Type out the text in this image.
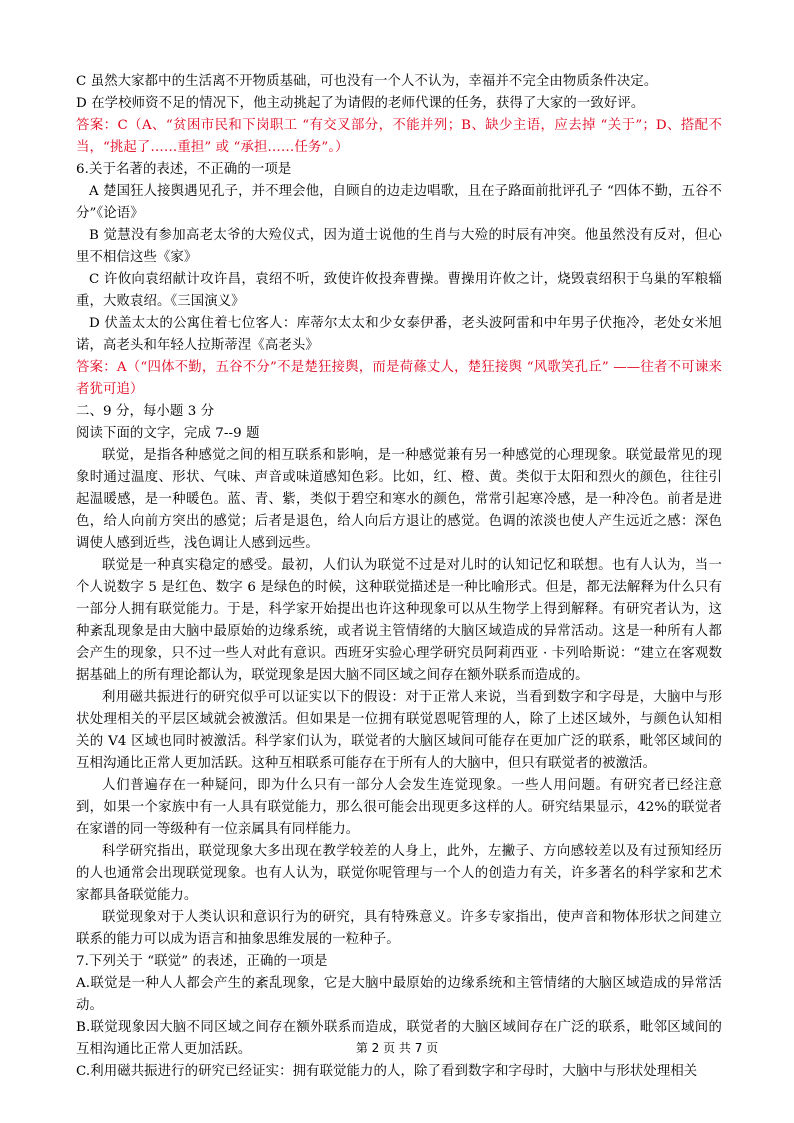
C 虽然大家都中的生活离不开物质基础，可也没有一个人不认为，幸福并不完全由物质条件决定。

D 在学校师资不足的情况下，他主动挑起了为请假的老师代课的任务，获得了大家的一致好评。

答案：C（A、“贫困市民和下岗职工 “有交叉部分，不能并列；B、缺少主语，应去掉 “关于”；D、搭配不当，“挑起了……重担” 或 “承担……任务”。）

6.关于名著的表述，不正确的一项是

A 楚国狂人接舆遇见孔子，并不理会他，自顾自的边走边唱歌，且在子路面前批评孔子 “四体不勤，五谷不分”《论语》

B 觉慧没有参加高老太爷的大殓仪式，因为道士说他的生肖与大殓的时辰有冲突。他虽然没有反对，但心里不相信这些《家》

C 许攸向袁绍献计攻许昌，袁绍不听，致使许攸投奔曹操。曹操用许攸之计，烧毁袁绍积于乌巢的军粮辎重，大败袁绍。《三国演义》

D 伏盖太太的公寓住着七位客人：库蒂尔太太和少女泰伊番，老头波阿雷和中年男子伏拖冷，老处女米旭诺，高老头和年轻人拉斯蒂涅《高老头》

答案：A（“四体不勤，五谷不分”不是楚狂接舆，而是荷蓧丈人，楚狂接舆 “风歌笑孔丘” ——往者不可谏来者犹可追）

二、9 分，每小题 3 分

阅读下面的文字，完成 7--9 题

联觉，是指各种感觉之间的相互联系和影响，是一种感觉兼有另一种感觉的心理现象。联觉最常见的现象时通过温度、形状、气味、声音或味道感知色彩。比如，红、橙、黄。类似于太阳和烈火的颜色，往往引起温暖感，是一种暖色。蓝、青、紫，类似于碧空和寒水的颜色，常常引起寒冷感，是一种冷色。前者是进色，给人向前方突出的感觉；后者是退色，给人向后方退让的感觉。色调的浓淡也使人产生远近之感：深色调使人感到近些，浅色调让人感到远些。

联觉是一种真实稳定的感受。最初，人们认为联觉不过是对儿时的认知记忆和联想。也有人认为，当一个人说数字 5 是红色、数字 6 是绿色的时候，这种联觉描述是一种比喻形式。但是，都无法解释为什么只有一部分人拥有联觉能力。于是，科学家开始提出也许这种现象可以从生物学上得到解释。有研究者认为，这种紊乱现象是由大脑中最原始的边缘系统，或者说主管情绪的大脑区域造成的异常活动。这是一种所有人都会产生的现象，只不过一些人对此有意识。西班牙实验心理学研究员阿莉西亚 · 卡列哈斯说：“建立在客观数据基础上的所有理论都认为，联觉现象是因大脑不同区域之间存在额外联系而造成的。

利用磁共振进行的研究似乎可以证实以下的假设：对于正常人来说，当看到数字和字母是，大脑中与形状处理相关的平层区域就会被激活。但如果是一位拥有联觉恩呢管理的人，除了上述区域外，与颜色认知相关的 V4 区域也同时被激活。科学家们认为，联觉者的大脑区域间可能存在更加广泛的联系，毗邻区域间的互相沟通比正常人更加活跃。这种互相联系可能存在于所有人的大脑中，但只有联觉者的被激活。

人们普遍存在一种疑问，即为什么只有一部分人会发生连觉现象。一些人用问题。有研究者已经注意到，如果一个家族中有一人具有联觉能力，那么很可能会出现更多这样的人。研究结果显示，42%的联觉者在家谱的同一等级种有一位亲属具有同样能力。

科学研究指出，联觉现象大多出现在教学较差的人身上，此外，左撇子、方向感较差以及有过预知经历的人也通常会出现联觉现象。也有人认为，联觉你呢管理与一个人的创造力有关，许多著名的科学家和艺术家都具备联觉能力。

联觉现象对于人类认识和意识行为的研究，具有特殊意义。许多专家指出，使声音和物体形状之间建立联系的能力可以成为语言和抽象思维发展的一粒种子。

7.下列关于 “联觉” 的表述，正确的一项是

A.联觉是一种人人都会产生的紊乱现象，它是大脑中最原始的边缘系统和主管情绪的大脑区域造成的异常活动。

B.联觉现象因大脑不同区域之间存在额外联系而造成，联觉者的大脑区域间存在广泛的联系，毗邻区域间的互相沟通比正常人更加活跃。

C.利用磁共振进行的研究已经证实：拥有联觉能力的人，除了看到数字和字母时，大脑中与形状处理相关

第 2 页 共 7 页
